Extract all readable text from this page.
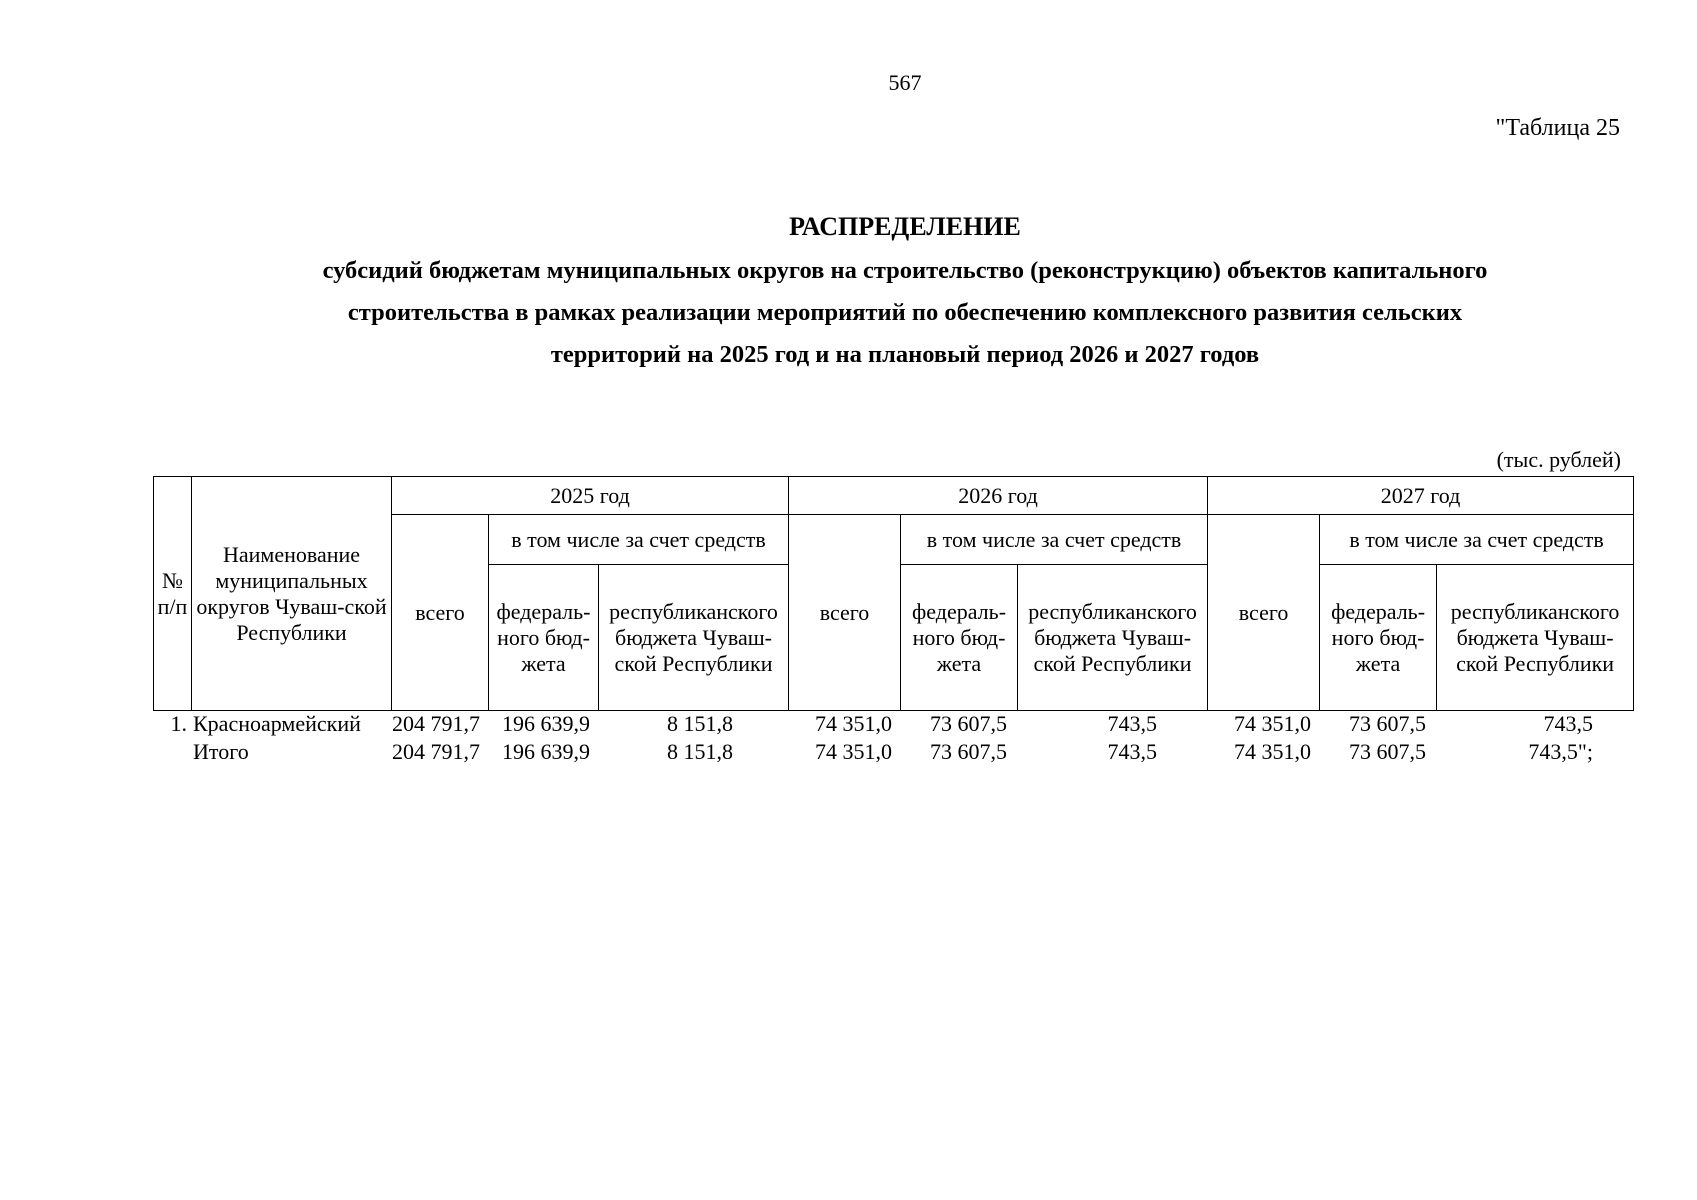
567
"Таблица 25
РАСПРЕДЕЛЕНИЕ
субсидий бюджетам муниципальных округов на строительство (реконструкцию) объектов капитального
строительства в рамках реализации мероприятий по обеспечению комплексного развития сельских
территорий на 2025 год и на плановый период 2026 и 2027 годов
(тыс. рублей)
№ п/п	Наименование муниципальных округов Чуваш-ской Республики	2025 год			2026 год			2027 год		
		всего	в том числе за счет средств		всего	в том числе за счет средств		всего	в том числе за счет средств	
			федераль-ного бюд-жета	республиканского бюджета Чуваш-ской Республики		федераль-ного бюд-жета	республиканского бюджета Чуваш-ской Республики		федераль-ного бюд-жета	республиканского бюджета Чуваш-ской Республики
1.	Красноармейский	204 791,7	196 639,9	8 151,8	74 351,0	73 607,5	743,5	74 351,0	73 607,5	743,5
	Итого	204 791,7	196 639,9	8 151,8	74 351,0	73 607,5	743,5	74 351,0	73 607,5	743,5";
